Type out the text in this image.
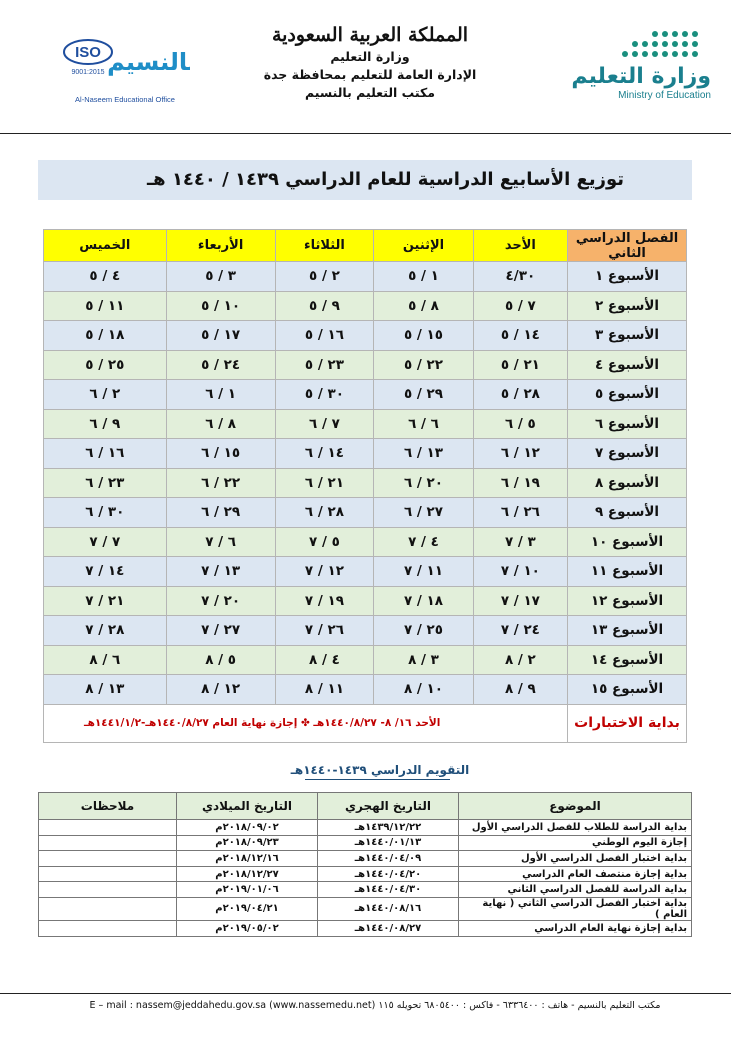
وزارة التعليم
Ministry of Education
المملكة العربية السعودية
وزارة التعليم
الإدارة العامة للتعليم بمحافظة جدة
مكتب التعليم بالنسيم
ISO
9001:2015 بالنسيم
Al-Naseem Educational Office
توزيع الأسابيع الدراسية للعام الدراسي ١٤٣٩ / ١٤٤٠ هـ
الفصل الدراسي الثاني	الأحد	الإثنين	الثلاثاء	الأربعاء	الخميس
الأسبوع ١	٤/٣٠	١ / ٥	٢ / ٥	٣ / ٥	٤ / ٥
الأسبوع ٢	٧ / ٥	٨ / ٥	٩ / ٥	١٠ / ٥	١١ / ٥
الأسبوع ٣	١٤ / ٥	١٥ / ٥	١٦ / ٥	١٧ / ٥	١٨ / ٥
الأسبوع ٤	٢١ / ٥	٢٢ / ٥	٢٣ / ٥	٢٤ / ٥	٢٥ / ٥
الأسبوع ٥	٢٨ / ٥	٢٩ / ٥	٣٠ / ٥	١ / ٦	٢ / ٦
الأسبوع ٦	٥ / ٦	٦ / ٦	٧ / ٦	٨ / ٦	٩ / ٦
الأسبوع ٧	١٢ / ٦	١٣ / ٦	١٤ / ٦	١٥ / ٦	١٦ / ٦
الأسبوع ٨	١٩ / ٦	٢٠ / ٦	٢١ / ٦	٢٢ / ٦	٢٣ / ٦
الأسبوع ٩	٢٦ / ٦	٢٧ / ٦	٢٨ / ٦	٢٩ / ٦	٣٠ / ٦
الأسبوع ١٠	٣ / ٧	٤ / ٧	٥ / ٧	٦ / ٧	٧ / ٧
الأسبوع ١١	١٠ / ٧	١١ / ٧	١٢ / ٧	١٣ / ٧	١٤ / ٧
الأسبوع ١٢	١٧ / ٧	١٨ / ٧	١٩ / ٧	٢٠ / ٧	٢١ / ٧
الأسبوع ١٣	٢٤ / ٧	٢٥ / ٧	٢٦ / ٧	٢٧ / ٧	٢٨ / ٧
الأسبوع ١٤	٢ / ٨	٣ / ٨	٤ / ٨	٥ / ٨	٦ / ٨
الأسبوع ١٥	٩ / ٨	١٠ / ٨	١١ / ٨	١٢ / ٨	١٣ / ٨
بداية الاختبارات	الأحد ١٦/ ٨- ١٤٤٠/٨/٢٧هـ ✤ إجازة نهاية العام ١٤٤٠/٨/٢٧هـ-١٤٤١/١/٢هـ				
التقويم الدراسي ١٤٣٩-١٤٤٠هـ
الموضوع	التاريخ الهجري	التاريخ الميلادي	ملاحظات
بداية الدراسة للطلاب للفصل الدراسي الأول	١٤٣٩/١٢/٢٢هـ	٢٠١٨/٠٩/٠٢م	
إجازة اليوم الوطني	١٤٤٠/٠١/١٣هـ	٢٠١٨/٠٩/٢٣م	
بداية اختبار الفصل الدراسي الأول	١٤٤٠/٠٤/٠٩هـ	٢٠١٨/١٢/١٦م	
بداية إجازة منتصف العام الدراسي	١٤٤٠/٠٤/٢٠هـ	٢٠١٨/١٢/٢٧م	
بداية الدراسة للفصل الدراسي الثاني	١٤٤٠/٠٤/٣٠هـ	٢٠١٩/٠١/٠٦م	
بداية اختبار الفصل الدراسي الثاني ( نهاية العام )	١٤٤٠/٠٨/١٦هـ	٢٠١٩/٠٤/٢١م	
بداية إجازة نهاية العام الدراسي	١٤٤٠/٠٨/٢٧هـ	٢٠١٩/٠٥/٠٢م	
مكتب التعليم بالنسيم - هاتف : ٦٣٣٦٤٠٠ - فاكس : ٦٨٠٥٤٠٠ تحويله ١١٥ (www.nassemedu.net) E – mail : nassem@jeddahedu.gov.sa
